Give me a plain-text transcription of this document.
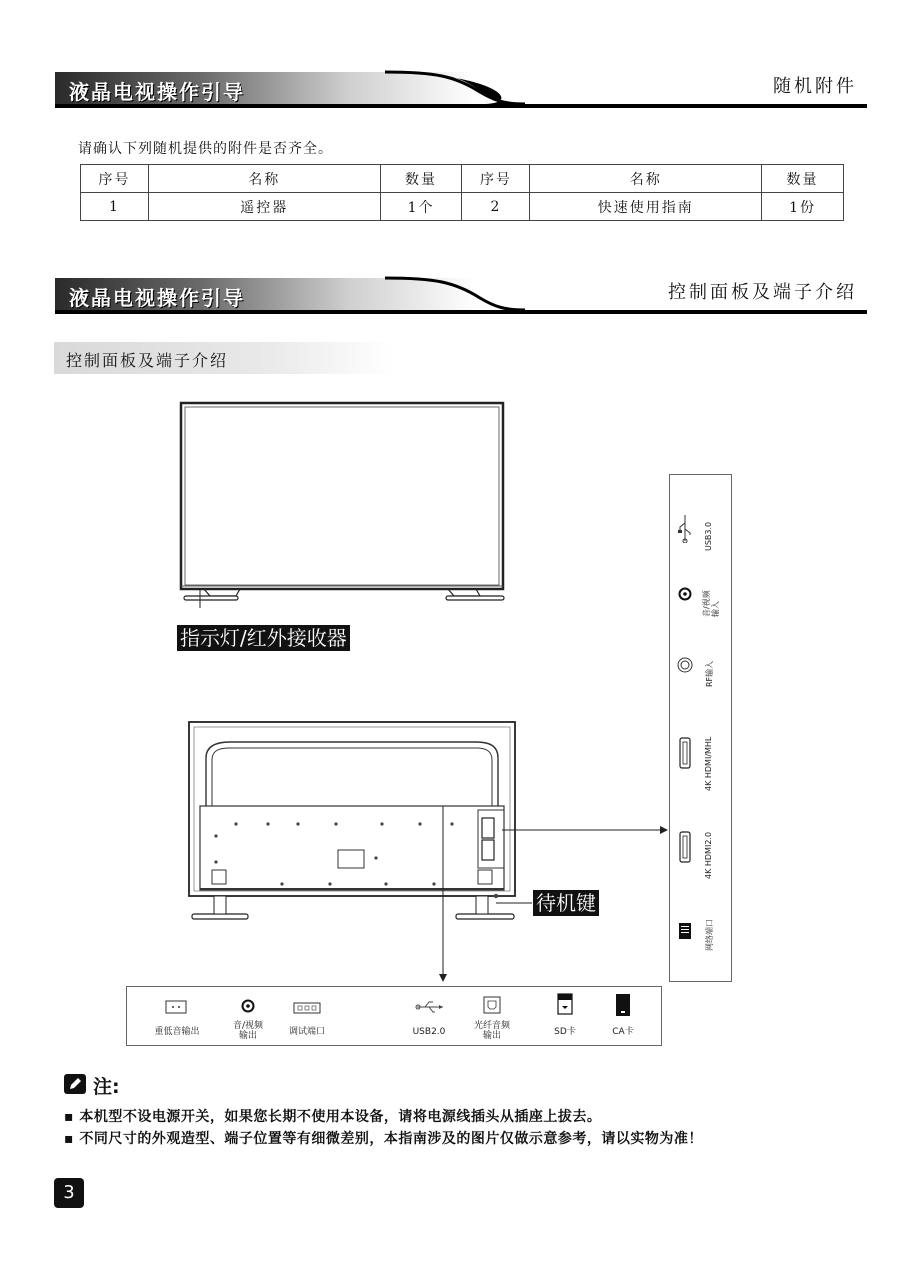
液晶电视操作引导	随机附件
请确认下列随机提供的附件是否齐全。
序号	名称	数量	序号	名称	数量
1	遥控器	1个	2	快速使用指南	1份
液晶电视操作引导	控制面板及端子介绍
控制面板及端子介绍
指示灯/红外接收器
待机键
USB3.0
音/视频
输入
RF输入
4K HDMI/MHL
4K HDMI2.0
网络端口
重低音输出
音/视频
输出	调试端口	USB2.0
光纤音频
输出	SD卡	CA卡
注:
▪ 本机型不设电源开关，如果您长期不使用本设备，请将电源线插头从插座上拔去。
▪ 不同尺寸的外观造型、端子位置等有细微差别，本指南涉及的图片仅做示意参考，请以实物为准！
3
